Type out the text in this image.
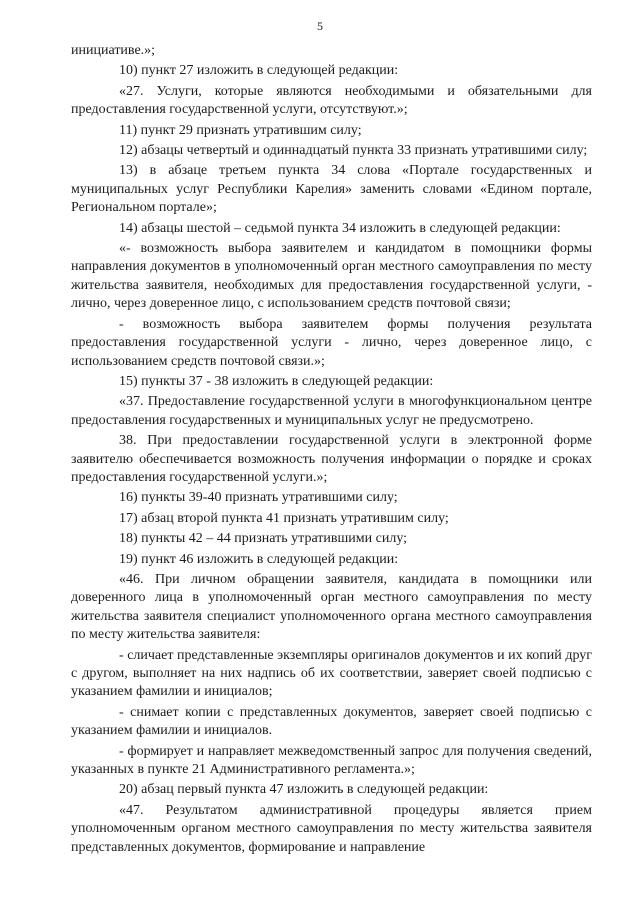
5

инициативе.»;

10) пункт 27 изложить в следующей редакции:

«27. Услуги, которые являются необходимыми и обязательными для предоставления государственной услуги, отсутствуют.»;

11) пункт 29 признать утратившим силу;

12) абзацы четвертый и одиннадцатый пункта 33 признать утратившими силу;

13) в абзаце третьем пункта 34 слова «Портале государственных и муниципальных услуг Республики Карелия» заменить словами «Едином портале, Региональном портале»;

14) абзацы шестой – седьмой пункта 34 изложить в следующей редакции:

«- возможность выбора заявителем и кандидатом в помощники формы направления документов в уполномоченный орган местного самоуправления по месту жительства заявителя, необходимых для предоставления государственной услуги, - лично, через доверенное лицо, с использованием средств почтовой связи;

- возможность выбора заявителем формы получения результата предоставления государственной услуги - лично, через доверенное лицо, с использованием средств почтовой связи.»;

15) пункты 37 - 38 изложить в следующей редакции:

«37. Предоставление государственной услуги в многофункциональном центре предоставления государственных и муниципальных услуг не предусмотрено.

38. При предоставлении государственной услуги в электронной форме заявителю обеспечивается возможность получения информации о порядке и сроках предоставления государственной услуги.»;

16) пункты 39-40 признать утратившими силу;

17) абзац второй пункта 41 признать утратившим силу;

18) пункты 42 – 44 признать утратившими силу;

19) пункт 46 изложить в следующей редакции:

«46. При личном обращении заявителя, кандидата в помощники или доверенного лица в уполномоченный орган местного самоуправления по месту жительства заявителя специалист уполномоченного органа местного самоуправления по месту жительства заявителя:

- сличает представленные экземпляры оригиналов документов и их копий друг с другом, выполняет на них надпись об их соответствии, заверяет своей подписью с указанием фамилии и инициалов;

- снимает копии с представленных документов, заверяет своей подписью с указанием фамилии и инициалов.

- формирует и направляет межведомственный запрос для получения сведений, указанных в пункте 21 Административного регламента.»;

20) абзац первый пункта 47 изложить в следующей редакции:

«47. Результатом административной процедуры является прием уполномоченным органом местного самоуправления по месту жительства заявителя представленных документов, формирование и направление
